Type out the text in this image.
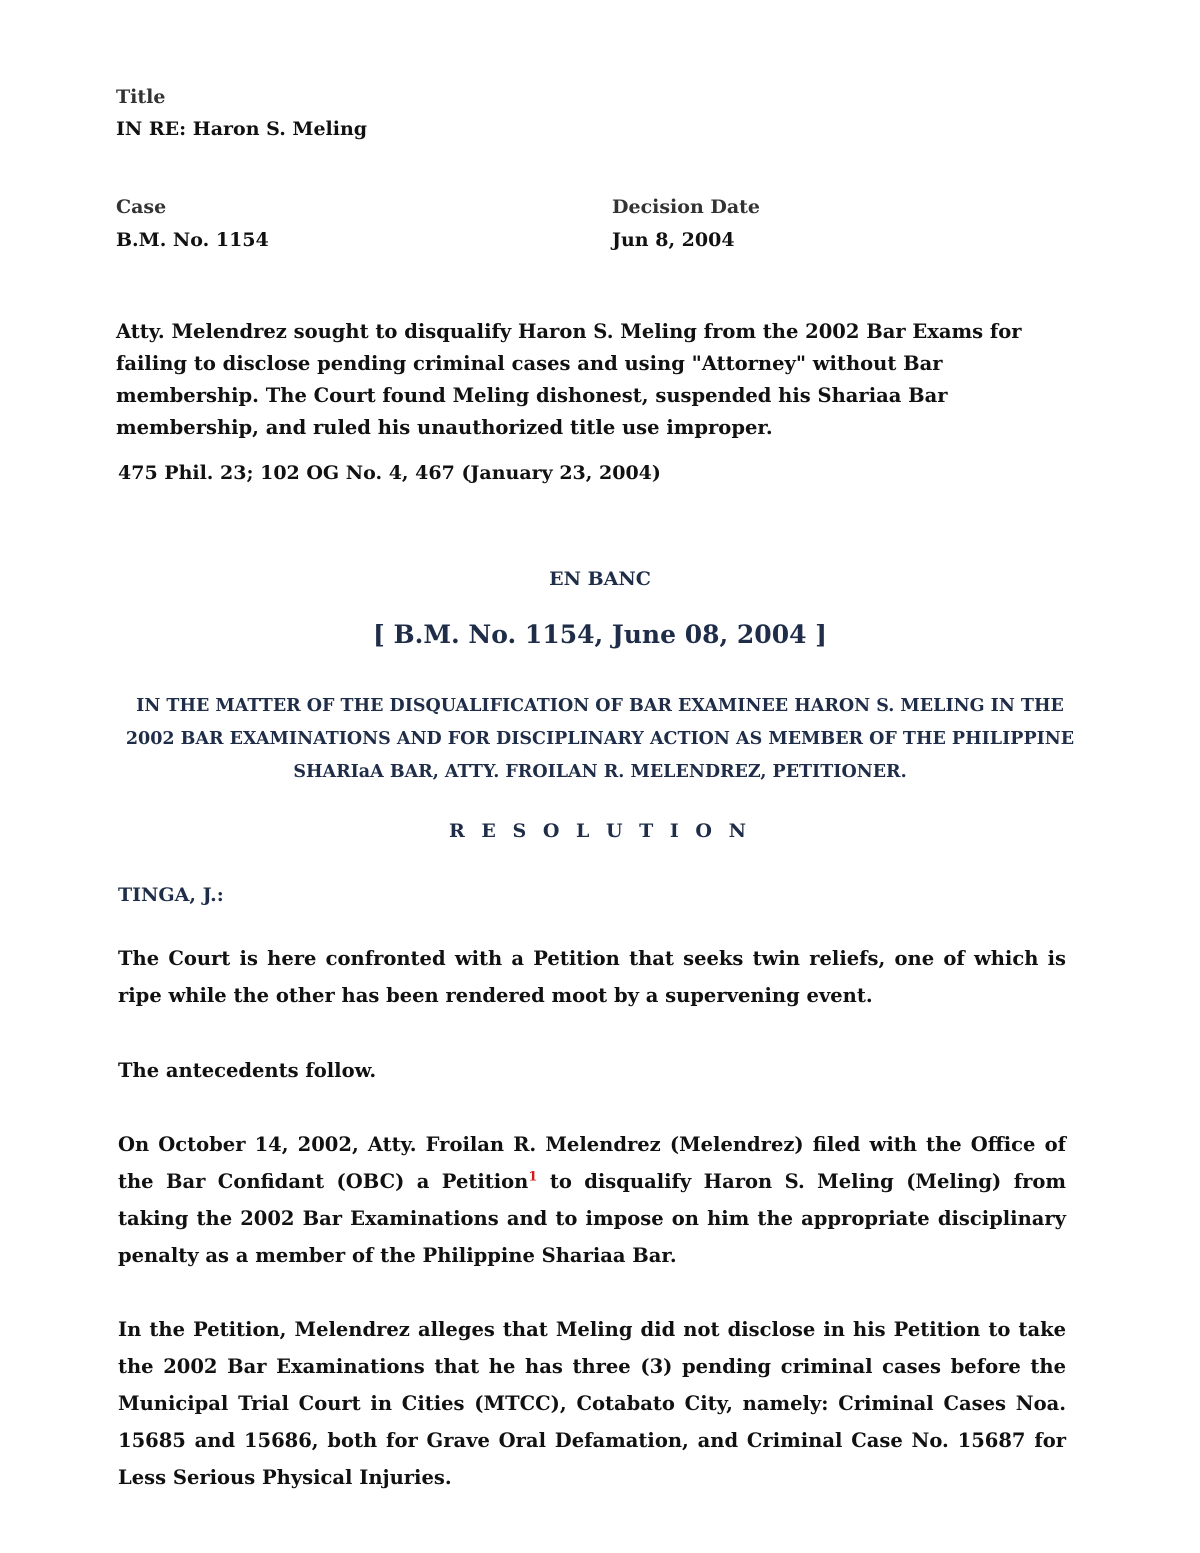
Title
IN RE: Haron S. Meling
Case
B.M. No. 1154
Decision Date
Jun 8, 2004
Atty. Melendrez sought to disqualify Haron S. Meling from the 2002 Bar Exams for failing to disclose pending criminal cases and using "Attorney" without Bar membership. The Court found Meling dishonest, suspended his Shariaa Bar membership, and ruled his unauthorized title use improper.
475 Phil. 23; 102 OG No. 4, 467 (January 23, 2004)
EN BANC
[ B.M. No. 1154, June 08, 2004 ]
IN THE MATTER OF THE DISQUALIFICATION OF BAR EXAMINEE HARON S. MELING IN THE 2002 BAR EXAMINATIONS AND FOR DISCIPLINARY ACTION AS MEMBER OF THE PHILIPPINE SHARIaA BAR, ATTY. FROILAN R. MELENDREZ, PETITIONER.
R E S O L U T I O N
TINGA, J.:

The Court is here confronted with a Petition that seeks twin reliefs, one of which is ripe while the other has been rendered moot by a supervening event.

The antecedents follow.

On October 14, 2002, Atty. Froilan R. Melendrez (Melendrez) filed with the Office of the Bar Confidant (OBC) a Petition$^1$ to disqualify Haron S. Meling (Meling) from taking the 2002 Bar Examinations and to impose on him the appropriate disciplinary penalty as a member of the Philippine Shariaa Bar.

In the Petition, Melendrez alleges that Meling did not disclose in his Petition to take the 2002 Bar Examinations that he has three (3) pending criminal cases before the Municipal Trial Court in Cities (MTCC), Cotabato City, namely: Criminal Cases Noa. 15685 and 15686, both for Grave Oral Defamation, and Criminal Case No. 15687 for Less Serious Physical Injuries.
